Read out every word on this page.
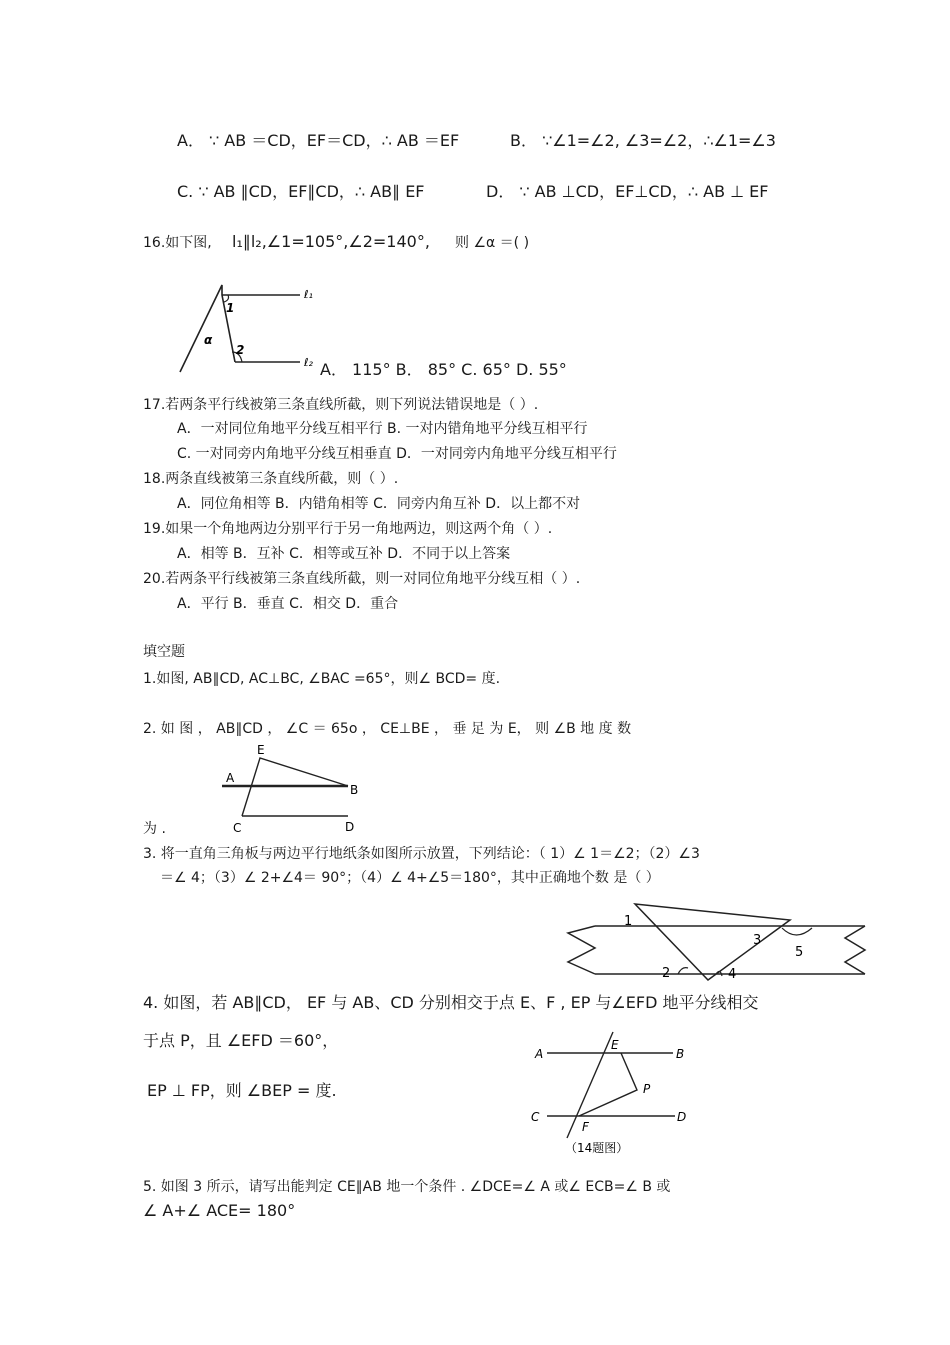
A． ∵ AB ＝CD，EF＝CD，∴ AB ＝EF	B． ∵∠1=∠2, ∠3=∠2，∴∠1=∠3
C. ∵ AB ∥CD，EF∥CD，∴ AB∥ EF	D． ∵ AB ⊥CD，EF⊥CD，∴ AB ⊥ EF
16.如下图, l₁∥l₂,∠1=105°,∠2=140°, 则 ∠α ＝( )
1
2
α
ℓ₁
ℓ₂ A． 115° B． 85° C. 65° D. 55°
17.若两条平行线被第三条直线所截，则下列说法错误地是（ ）.
A．一对同位角地平分线互相平行 B. 一对内错角地平分线互相平行
C. 一对同旁内角地平分线互相垂直 D．一对同旁内角地平分线互相平行
18.两条直线被第三条直线所截，则（ ）.
A．同位角相等 B．内错角相等 C．同旁内角互补 D．以上都不对
19.如果一个角地两边分别平行于另一角地两边，则这两个角（ ）.
A．相等 B．互补 C．相等或互补 D．不同于以上答案
20.若两条平行线被第三条直线所截，则一对同位角地平分线互相（ ）.
A．平行 B．垂直 C．相交 D．重合
填空题
1.如图, AB∥CD, AC⊥BC, ∠BAC =65°，则∠ BCD= 度.
2. 如 图 ， AB∥CD ， ∠C ＝ 65o ， CE⊥BE ， 垂 足 为 E， 则 ∠B 地 度 数
E
A
B
C	D
为 .
3. 将一直角三角板与两边平行地纸条如图所示放置，下列结论：（ 1）∠ 1＝∠2；（2）∠3
＝∠ 4；（3）∠ 2+∠4＝ 90°；（4）∠ 4+∠5＝180°，其中正确地个数 是（ ）
1
2
3
4
5
4. 如图，若 AB∥CD， EF 与 AB、CD 分别相交于点 E、F , EP 与∠EFD 地平分线相交
于点 P，且 ∠EFD ＝60°，
EP ⊥ FP，则 ∠BEP = 度.
A
E
B
P
C	D
F
（14题图）
5. 如图 3 所示，请写出能判定 CE∥AB 地一个条件 . ∠DCE=∠ A 或∠ ECB=∠ B 或
∠ A+∠ ACE= 180°
